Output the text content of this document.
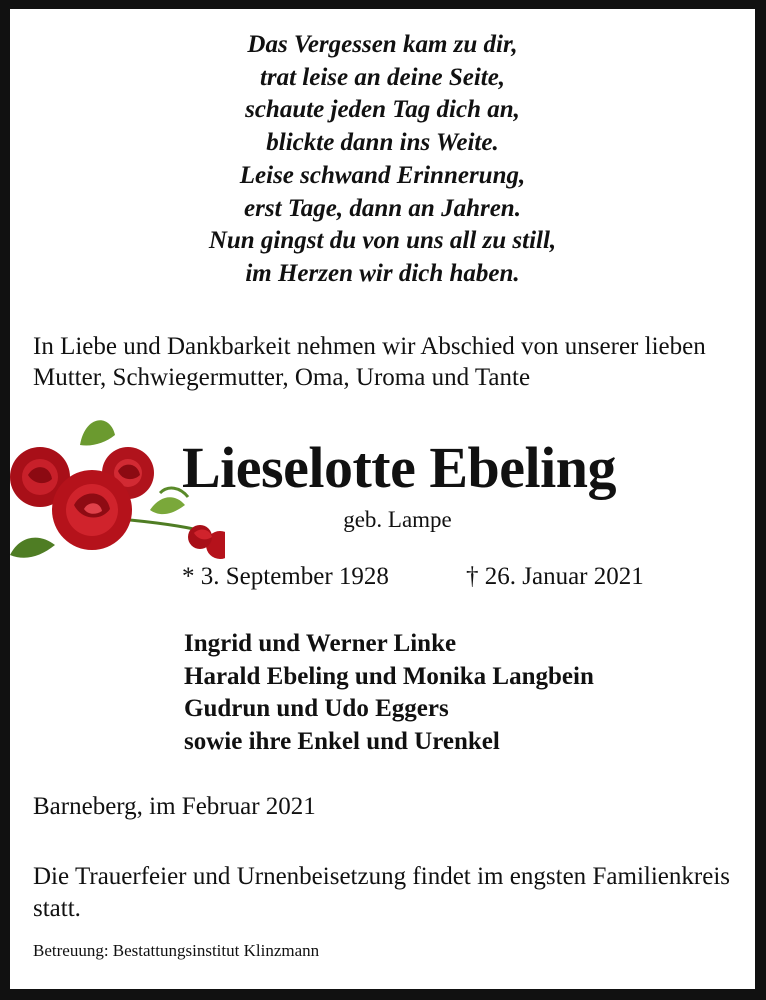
Das Vergessen kam zu dir,
trat leise an deine Seite,
schaute jeden Tag dich an,
blickte dann ins Weite.
Leise schwand Erinnerung,
erst Tage, dann an Jahren.
Nun gingst du von uns all zu still,
im Herzen wir dich haben.
In Liebe und Dankbarkeit nehmen wir Abschied von unserer lieben Mutter, Schwiegermutter, Oma, Uroma und Tante
Lieselotte Ebeling
geb. Lampe
* 3. September 1928	† 26. Januar 2021
Ingrid und Werner Linke
Harald Ebeling und Monika Langbein
Gudrun und Udo Eggers
sowie ihre Enkel und Urenkel
Barneberg, im Februar 2021
Die Trauerfeier und Urnenbeisetzung findet im engsten Familienkreis statt.
Betreuung: Bestattungsinstitut Klinzmann
